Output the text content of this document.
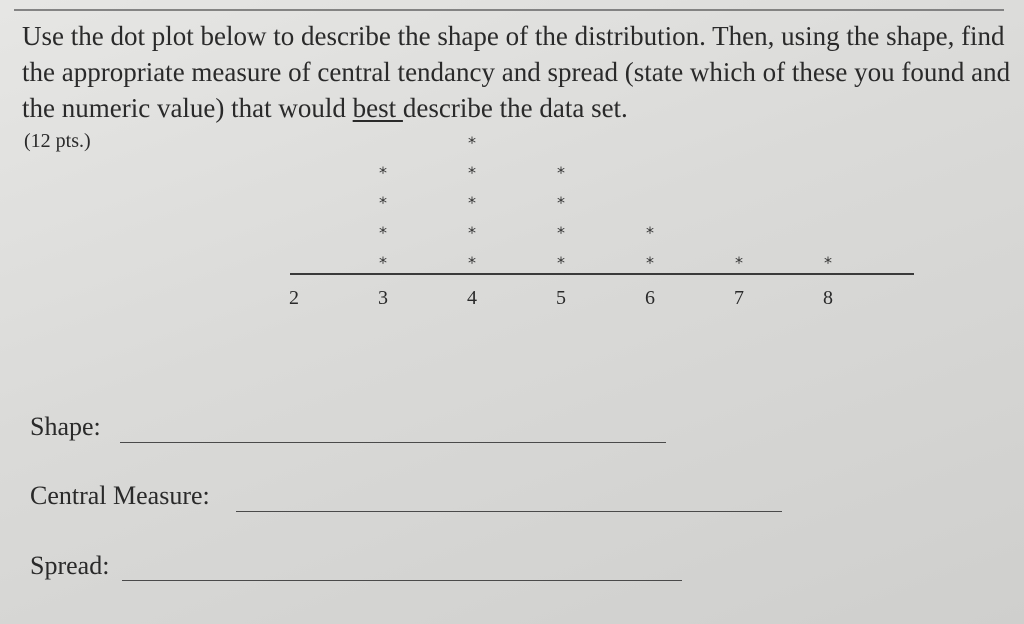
Use the dot plot below to describe the shape of the distribution. Then, using the shape, find the appropriate measure of central tendancy and spread (state which of these you found and the numeric value) that would best describe the data set.

(12 pts.)
2	3	4	5	6	7	8
*
*
*
*
*
*
*
*
*
*
*
*
*
*
*
*	*
Shape:
Central Measure:
Spread:
